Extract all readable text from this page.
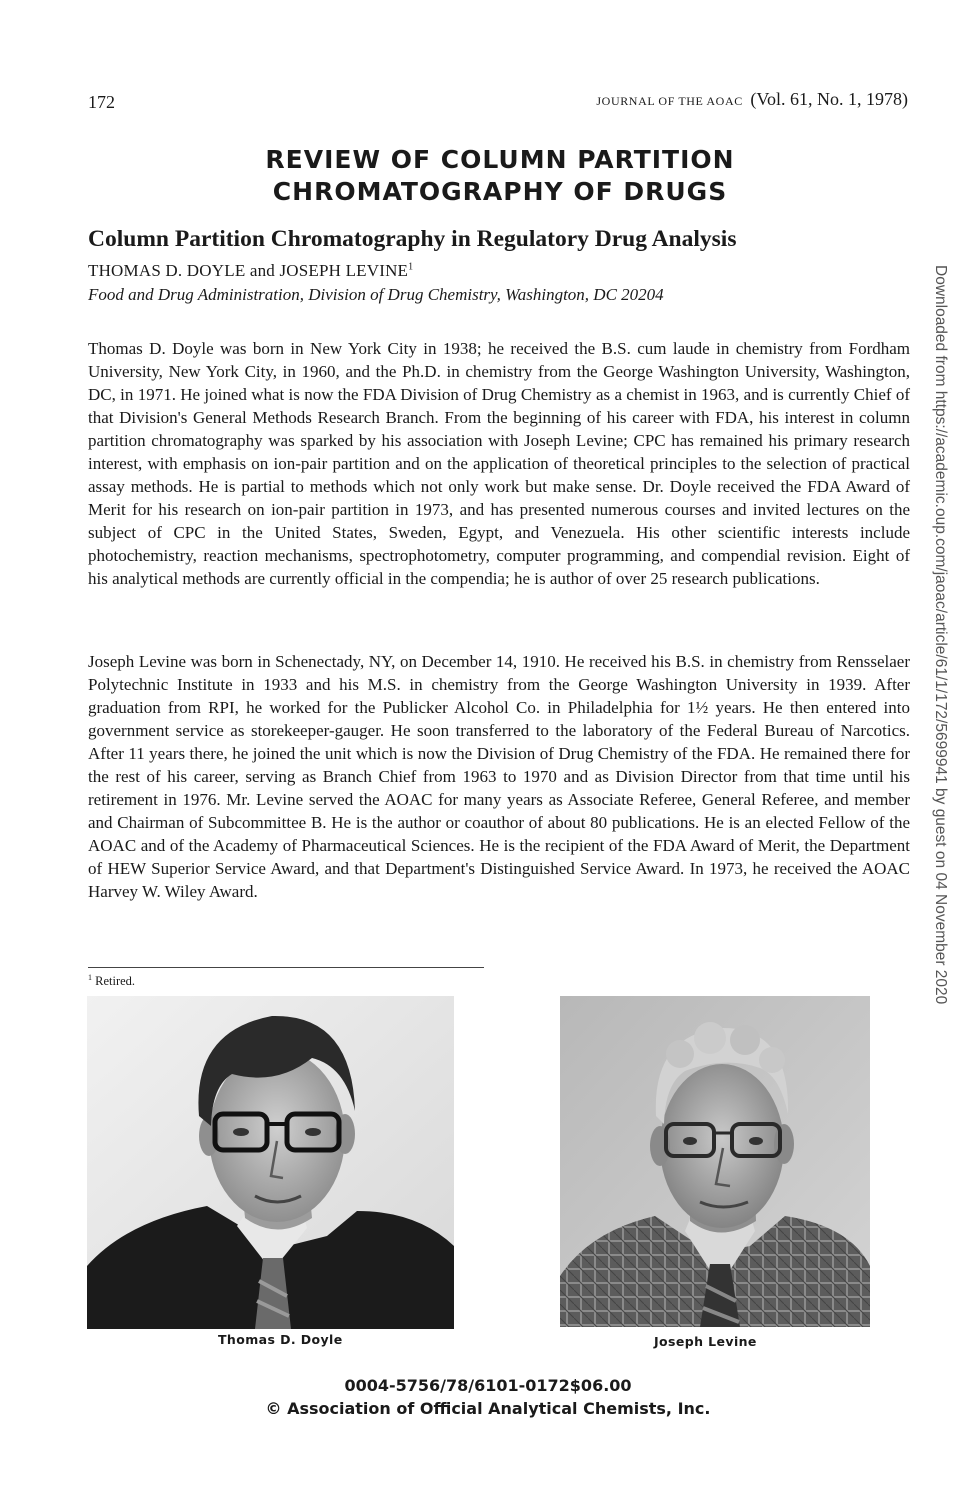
172	JOURNAL OF THE AOAC (Vol. 61, No. 1, 1978)
REVIEW OF COLUMN PARTITION
CHROMATOGRAPHY OF DRUGS
Column Partition Chromatography in Regulatory Drug Analysis
THOMAS D. DOYLE and JOSEPH LEVINE$^1$
Food and Drug Administration, Division of Drug Chemistry, Washington, DC 20204

Thomas D. Doyle was born in New York City in 1938; he received the B.S. cum laude in chemistry from Fordham University, New York City, in 1960, and the Ph.D. in chemistry from the George Washington University, Washington, DC, in 1971. He joined what is now the FDA Division of Drug Chemistry as a chemist in 1963, and is currently Chief of that Division's General Methods Research Branch. From the beginning of his career with FDA, his interest in column partition chromatography was sparked by his association with Joseph Levine; CPC has remained his primary research interest, with emphasis on ion-pair partition and on the application of theoretical principles to the selection of practical assay methods. He is partial to methods which not only work but make sense. Dr. Doyle received the FDA Award of Merit for his research on ion-pair partition in 1973, and has presented numerous courses and invited lectures on the subject of CPC in the United States, Sweden, Egypt, and Venezuela. His other scientific interests include photochemistry, reaction mechanisms, spectrophotometry, computer programming, and compendial revision. Eight of his analytical methods are currently official in the compendia; he is author of over 25 research publications.

Joseph Levine was born in Schenectady, NY, on December 14, 1910. He received his B.S. in chemistry from Rensselaer Polytechnic Institute in 1933 and his M.S. in chemistry from the George Washington University in 1939. After graduation from RPI, he worked for the Publicker Alcohol Co. in Philadelphia for 1½ years. He then entered into government service as storekeeper-gauger. He soon transferred to the laboratory of the Federal Bureau of Narcotics. After 11 years there, he joined the unit which is now the Division of Drug Chemistry of the FDA. He remained there for the rest of his career, serving as Branch Chief from 1963 to 1970 and as Division Director from that time until his retirement in 1976. Mr. Levine served the AOAC for many years as Associate Referee, General Referee, and member and Chairman of Subcommittee B. He is the author or coauthor of about 80 publications. He is an elected Fellow of the AOAC and of the Academy of Pharmaceutical Sciences. He is the recipient of the FDA Award of Merit, the Department of HEW Superior Service Award, and that Department's Distinguished Service Award. In 1973, he received the AOAC Harvey W. Wiley Award.

$^1$ Retired.
Thomas D. Doyle	Joseph Levine
0004-5756/78/6101-0172$06.00
© Association of Official Analytical Chemists, Inc.
Downloaded from https://academic.oup.com/jaoac/article/61/1/172/5699941 by guest on 04 November 2020
